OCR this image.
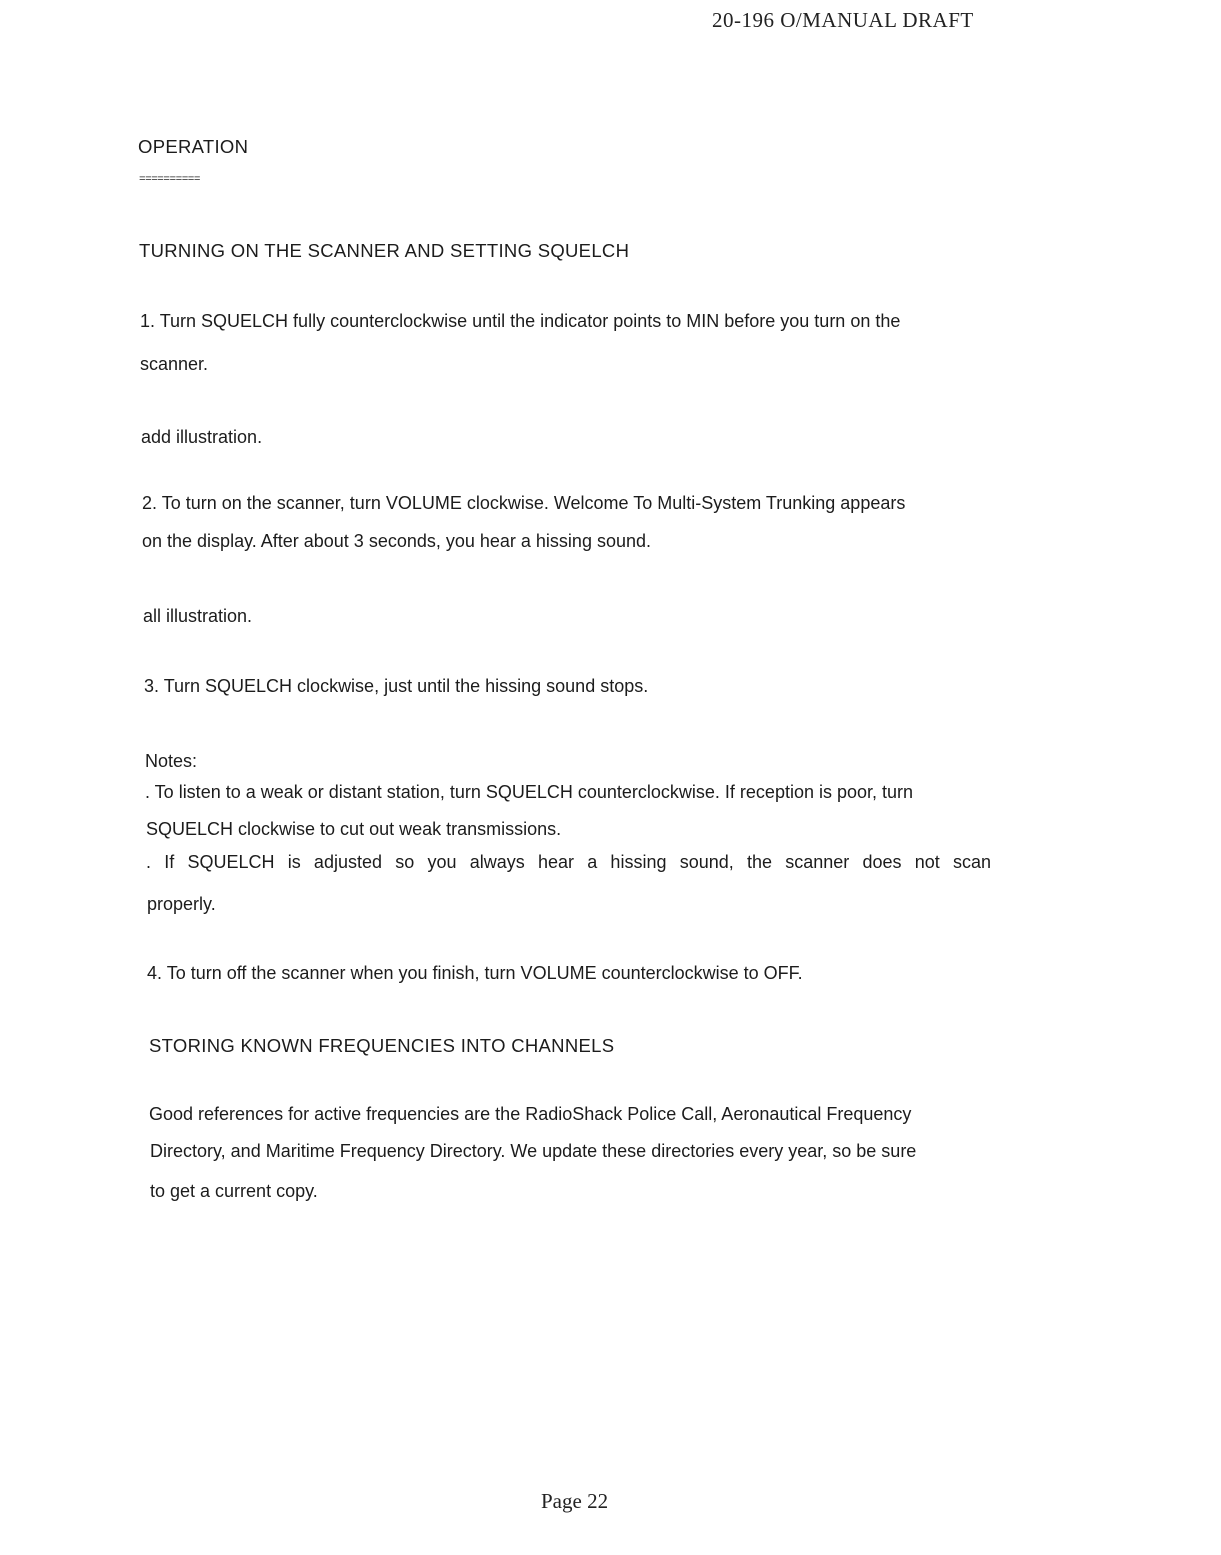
20-196 O/MANUAL DRAFT
OPERATION
==========
TURNING ON THE SCANNER AND SETTING SQUELCH
1. Turn SQUELCH fully counterclockwise until the indicator points to MIN before you turn on the
scanner.
add illustration.
2. To turn on the scanner, turn VOLUME clockwise. Welcome To Multi-System Trunking appears
on the display. After about 3 seconds, you hear a hissing sound.
all illustration.
3. Turn SQUELCH clockwise, just until the hissing sound stops.
Notes:
. To listen to a weak or distant station, turn SQUELCH counterclockwise. If reception is poor, turn
SQUELCH clockwise to cut out weak transmissions.
. If SQUELCH is adjusted so you always hear a hissing sound, the scanner does not scan
properly.
4. To turn off the scanner when you finish, turn VOLUME counterclockwise to OFF.
STORING KNOWN FREQUENCIES INTO CHANNELS
Good references for active frequencies are the RadioShack Police Call, Aeronautical Frequency
Directory, and Maritime Frequency Directory. We update these directories every year, so be sure
to get a current copy.
Page 22
